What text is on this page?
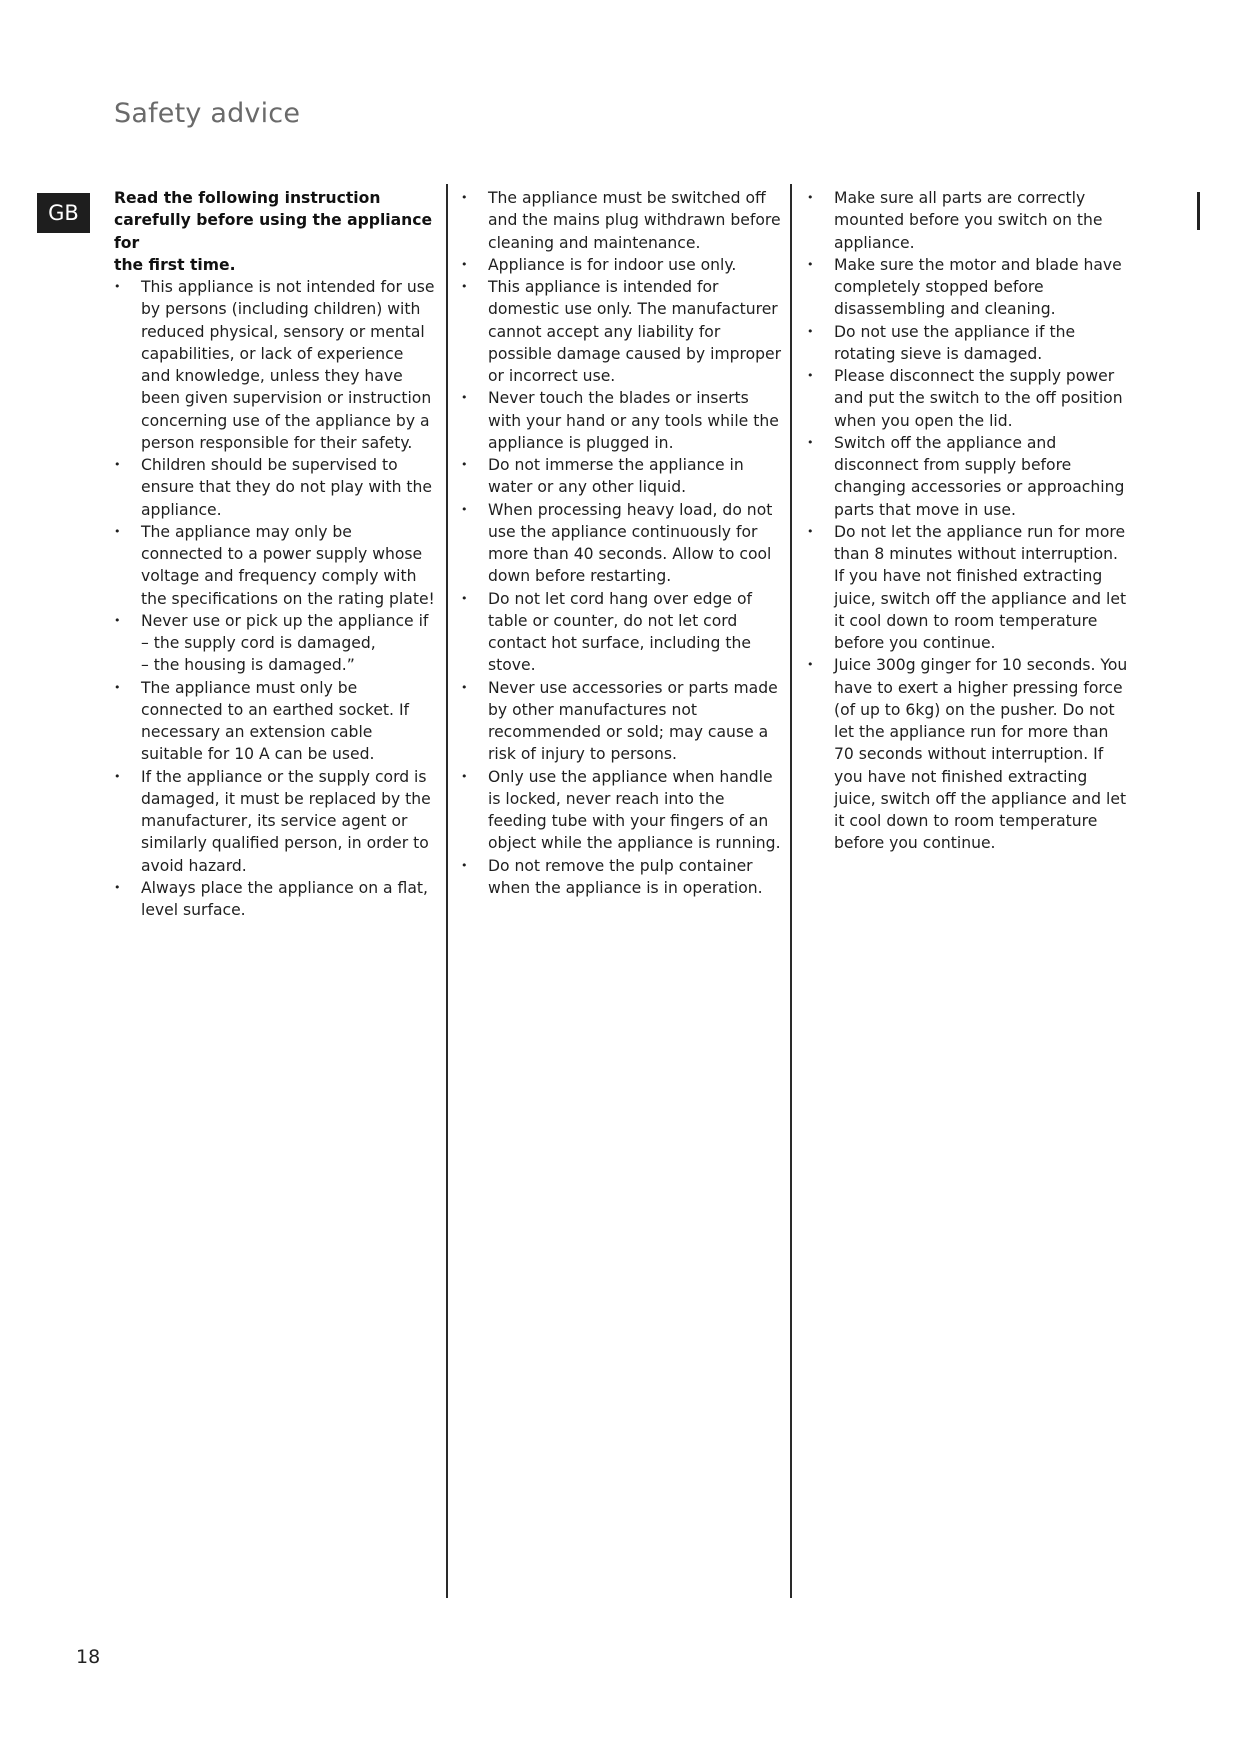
Safety advice
GB
Read the following instruction
carefully before using the appliance for
the first time.
• This appliance is not intended for use by persons (including children) with reduced physical, sensory or mental capabilities, or lack of experience and knowledge, unless they have been given supervision or instruction concerning use of the appliance by a person responsible for their safety.
• Children should be supervised to ensure that they do not play with the appliance.
• The appliance may only be connected to a power supply whose voltage and frequency comply with the specifications on the rating plate!
• Never use or pick up the appliance if
– the supply cord is damaged,
– the housing is damaged.”
• The appliance must only be connected to an earthed socket. If necessary an extension cable suitable for 10 A can be used.
• If the appliance or the supply cord is damaged, it must be replaced by the manufacturer, its service agent or similarly qualified person, in order to avoid hazard.
• Always place the appliance on a flat, level surface.
• The appliance must be switched off and the mains plug withdrawn before cleaning and maintenance.
• Appliance is for indoor use only.
• This appliance is intended for domestic use only. The manufacturer cannot accept any liability for possible damage caused by improper or incorrect use.
• Never touch the blades or inserts with your hand or any tools while the appliance is plugged in.
• Do not immerse the appliance in water or any other liquid.
• When processing heavy load, do not use the appliance continuously for more than 40 seconds. Allow to cool down before restarting.
• Do not let cord hang over edge of table or counter, do not let cord contact hot surface, including the stove.
• Never use accessories or parts made by other manufactures not recommended or sold; may cause a risk of injury to persons.
• Only use the appliance when handle is locked, never reach into the feeding tube with your fingers of an object while the appliance is running.
• Do not remove the pulp container when the appliance is in operation.
• Make sure all parts are correctly mounted before you switch on the appliance.
• Make sure the motor and blade have completely stopped before disassembling and cleaning.
• Do not use the appliance if the rotating sieve is damaged.
• Please disconnect the supply power and put the switch to the off position when you open the lid.
• Switch off the appliance and disconnect from supply before changing accessories or approaching parts that move in use.
• Do not let the appliance run for more than 8 minutes without interruption. If you have not finished extracting juice, switch off the appliance and let it cool down to room temperature before you continue.
• Juice 300g ginger for 10 seconds. You have to exert a higher pressing force (of up to 6kg) on the pusher. Do not let the appliance run for more than 70 seconds without interruption. If you have not finished extracting juice, switch off the appliance and let it cool down to room temperature before you continue.
18
